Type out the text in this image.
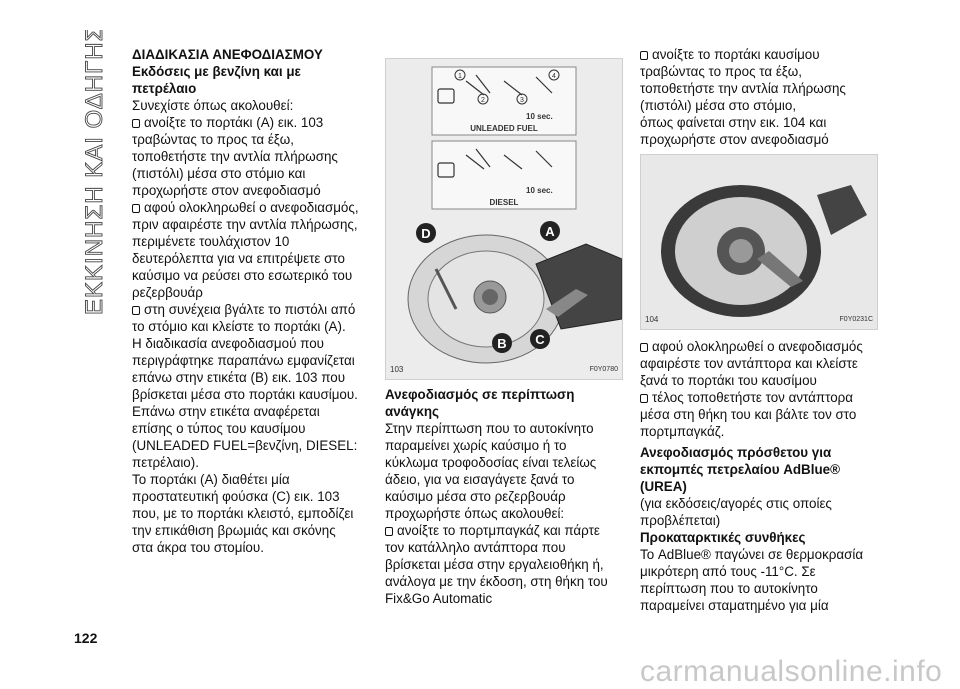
ΕΚΚΙΝΗΣΗ ΚΑΙ ΟΔΗΓΗΣΗ
122
ΔΙΑΔΙΚΑΣΙΑ ΑΝΕΦΟΔΙΑΣΜΟΥ
Εκδόσεις με βενζίνη και με
πετρέλαιο
Συνεχίστε όπως ακολουθεί:
ανοίξτε το πορτάκι (A) εικ. 103
τραβώντας το προς τα έξω,
τοποθετήστε την αντλία πλήρωσης
(πιστόλι) μέσα στο στόμιο και
προχωρήστε στον ανεφοδιασμό
αφού ολοκληρωθεί ο ανεφοδιασμός,
πριν αφαιρέστε την αντλία πλήρωσης,
περιμένετε τουλάχιστον 10
δευτερόλεπτα για να επιτρέψετε στο
καύσιμο να ρεύσει στο εσωτερικό του
ρεζερβουάρ
στη συνέχεια βγάλτε το πιστόλι από
το στόμιο και κλείστε το πορτάκι (A).
Η διαδικασία ανεφοδιασμού που
περιγράφτηκε παραπάνω εμφανίζεται
επάνω στην ετικέτα (B) εικ. 103 που
βρίσκεται μέσα στο πορτάκι καυσίμου.
Επάνω στην ετικέτα αναφέρεται
επίσης ο τύπος του καυσίμου
(UNLEADED FUEL=βενζίνη, DIESEL:
πετρέλαιο).
Το πορτάκι (A) διαθέτει μία
προστατευτική φούσκα (C) εικ. 103
που, με το πορτάκι κλειστό, εμποδίζει
την επικάθιση βρωμιάς και σκόνης
στα άκρα του στομίου.
1
2	3
4
10 sec.
10 sec.
UNLEADED FUEL
DIESEL
A
B C
D
103	F0Y0780
Ανεφοδιασμός σε περίπτωση
ανάγκης
Στην περίπτωση που το αυτοκίνητο
παραμείνει χωρίς καύσιμο ή το
κύκλωμα τροφοδοσίας είναι τελείως
άδειο, για να εισαγάγετε ξανά το
καύσιμο μέσα στο ρεζερβουάρ
προχωρήστε όπως ακολουθεί:
ανοίξτε το πορτμπαγκάζ και πάρτε
τον κατάλληλο αντάπτορα που
βρίσκεται μέσα στην εργαλειοθήκη ή,
ανάλογα με την έκδοση, στη θήκη του
Fix&Go Automatic
ανοίξτε το πορτάκι καυσίμου
τραβώντας το προς τα έξω,
τοποθετήστε την αντλία πλήρωσης
(πιστόλι) μέσα στο στόμιο,
όπως φαίνεται στην εικ. 104 και
προχωρήστε στον ανεφοδιασμό
104	F0Y0231C
αφού ολοκληρωθεί ο ανεφοδιασμός
αφαιρέστε τον αντάπτορα και κλείστε
ξανά το πορτάκι του καυσίμου
τέλος τοποθετήστε τον αντάπτορα
μέσα στη θήκη του και βάλτε τον στο
πορτμπαγκάζ.
Ανεφοδιασμός πρόσθετου για
εκπομπές πετρελαίου AdBlue®
(UREA)
(για εκδόσεις/αγορές στις οποίες
προβλέπεται)
Προκαταρκτικές συνθήκες
Το AdBlue® παγώνει σε θερμοκρασία
μικρότερη από τους -11°C. Σε
περίπτωση που το αυτοκίνητο
παραμείνει σταματημένο για μία
carmanualsonline.info
